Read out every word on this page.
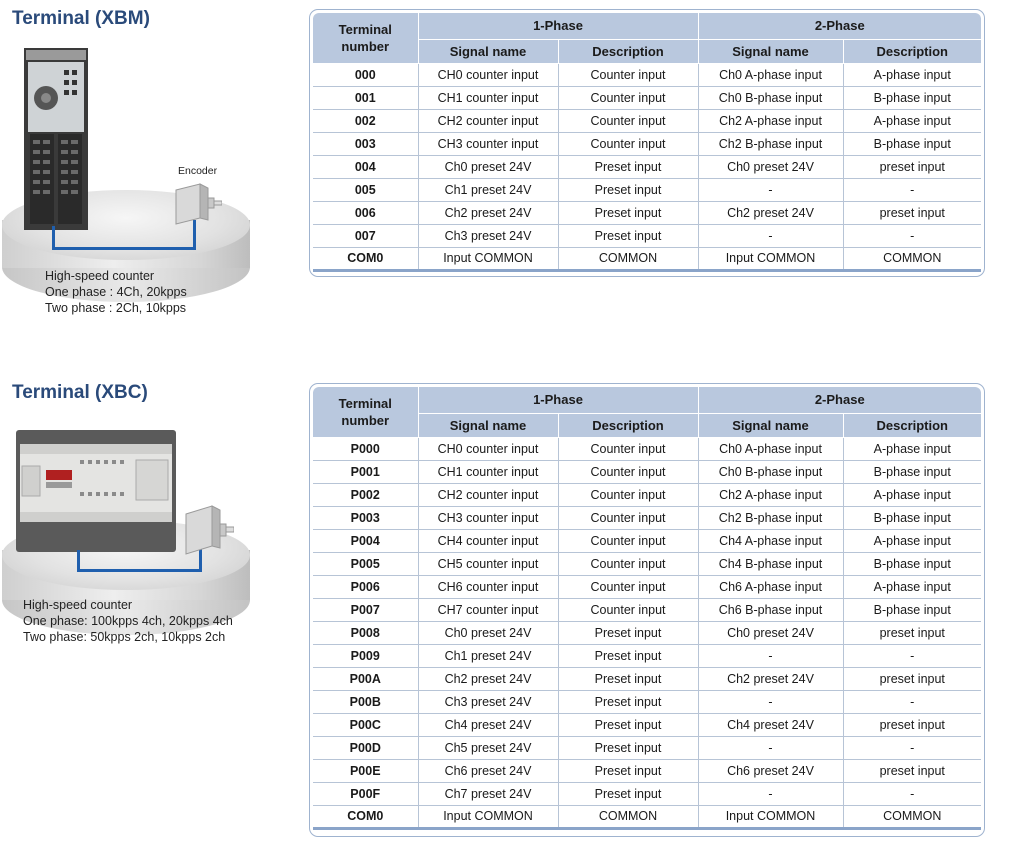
Terminal (XBM)
Encoder
High-speed counter
One phase : 4Ch, 20kpps
Two phase : 2Ch, 10kpps
Terminal number	1-Phase		2-Phase	
	Signal name	Description	Signal name	Description
000	CH0 counter input	Counter input	Ch0 A-phase input	A-phase input
001	CH1 counter input	Counter input	Ch0 B-phase input	B-phase input
002	CH2 counter input	Counter input	Ch2 A-phase input	A-phase input
003	CH3 counter input	Counter input	Ch2 B-phase input	B-phase input
004	Ch0 preset 24V	Preset input	Ch0 preset 24V	preset input
005	Ch1 preset 24V	Preset input	-	-
006	Ch2 preset 24V	Preset input	Ch2 preset 24V	preset input
007	Ch3 preset 24V	Preset input	-	-
COM0	Input COMMON	COMMON	Input COMMON	COMMON
Terminal (XBC)
High-speed counter
One phase: 100kpps 4ch, 20kpps 4ch
Two phase: 50kpps 2ch, 10kpps 2ch
Terminal number	1-Phase		2-Phase	
	Signal name	Description	Signal name	Description
P000	CH0 counter input	Counter input	Ch0 A-phase input	A-phase input
P001	CH1 counter input	Counter input	Ch0 B-phase input	B-phase input
P002	CH2 counter input	Counter input	Ch2 A-phase input	A-phase input
P003	CH3 counter input	Counter input	Ch2 B-phase input	B-phase input
P004	CH4 counter input	Counter input	Ch4 A-phase input	A-phase input
P005	CH5 counter input	Counter input	Ch4 B-phase input	B-phase input
P006	CH6 counter input	Counter input	Ch6 A-phase input	A-phase input
P007	CH7 counter input	Counter input	Ch6 B-phase input	B-phase input
P008	Ch0 preset 24V	Preset input	Ch0 preset 24V	preset input
P009	Ch1 preset 24V	Preset input	-	-
P00A	Ch2 preset 24V	Preset input	Ch2 preset 24V	preset input
P00B	Ch3 preset 24V	Preset input	-	-
P00C	Ch4 preset 24V	Preset input	Ch4 preset 24V	preset input
P00D	Ch5 preset 24V	Preset input	-	-
P00E	Ch6 preset 24V	Preset input	Ch6 preset 24V	preset input
P00F	Ch7 preset 24V	Preset input	-	-
COM0	Input COMMON	COMMON	Input COMMON	COMMON
